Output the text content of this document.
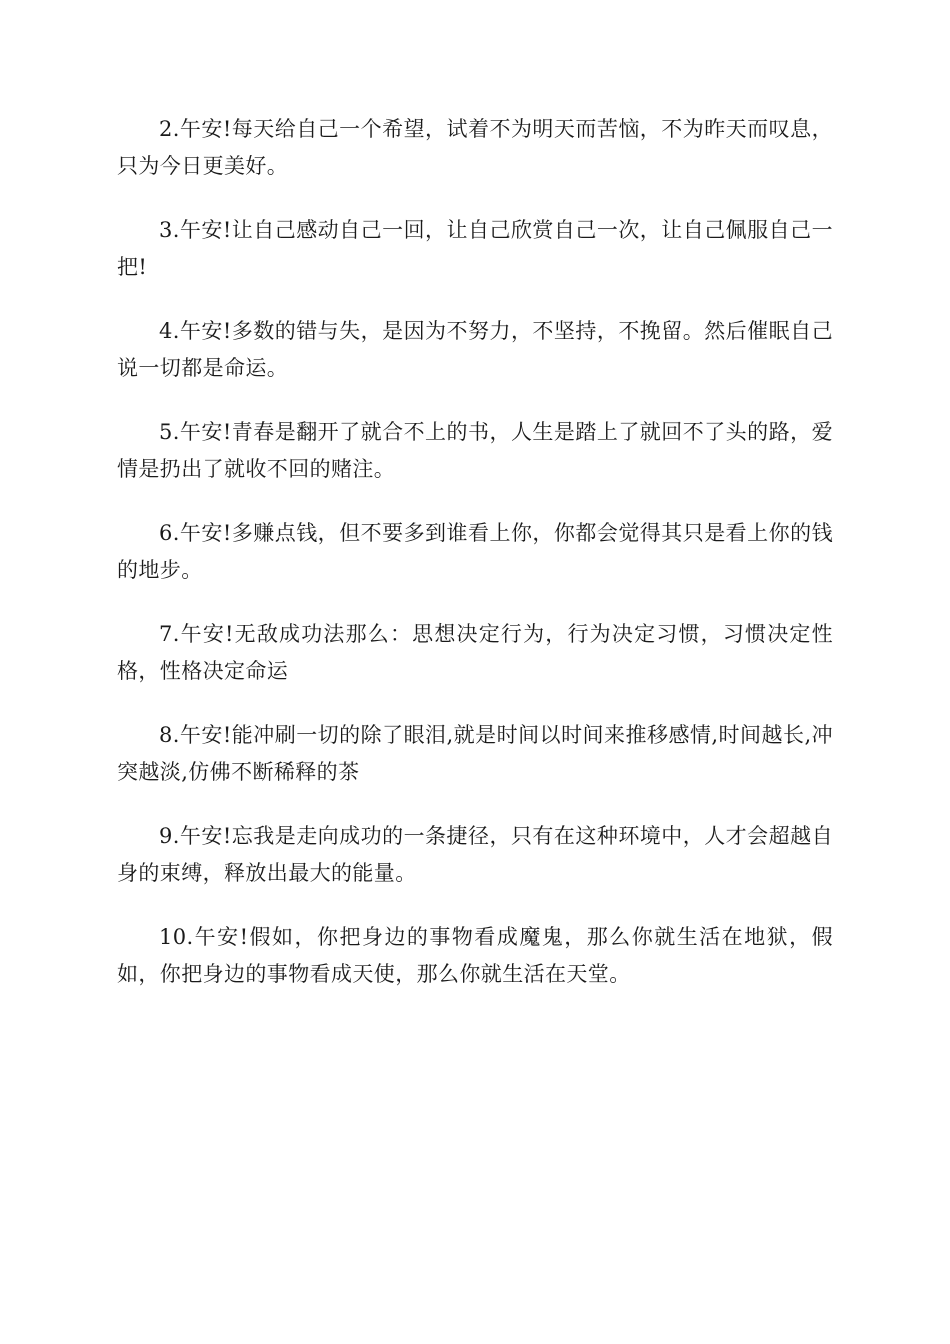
2.午安!每天给自己一个希望，试着不为明天而苦恼，不为昨天而叹息，只为今日更美好。

3.午安!让自己感动自己一回，让自己欣赏自己一次，让自己佩服自己一把!

4.午安!多数的错与失，是因为不努力，不坚持，不挽留。然后催眠自己说一切都是命运。

5.午安!青春是翻开了就合不上的书，人生是踏上了就回不了头的路，爱情是扔出了就收不回的赌注。

6.午安!多赚点钱，但不要多到谁看上你，你都会觉得其只是看上你的钱的地步。

7.午安!无敌成功法那么：思想决定行为，行为决定习惯，习惯决定性格，性格决定命运

8.午安!能冲刷一切的除了眼泪,就是时间以时间来推移感情,时间越长,冲突越淡,仿佛不断稀释的茶

9.午安!忘我是走向成功的一条捷径，只有在这种环境中，人才会超越自身的束缚，释放出最大的能量。

10.午安!假如，你把身边的事物看成魔鬼，那么你就生活在地狱，假如，你把身边的事物看成天使，那么你就生活在天堂。
